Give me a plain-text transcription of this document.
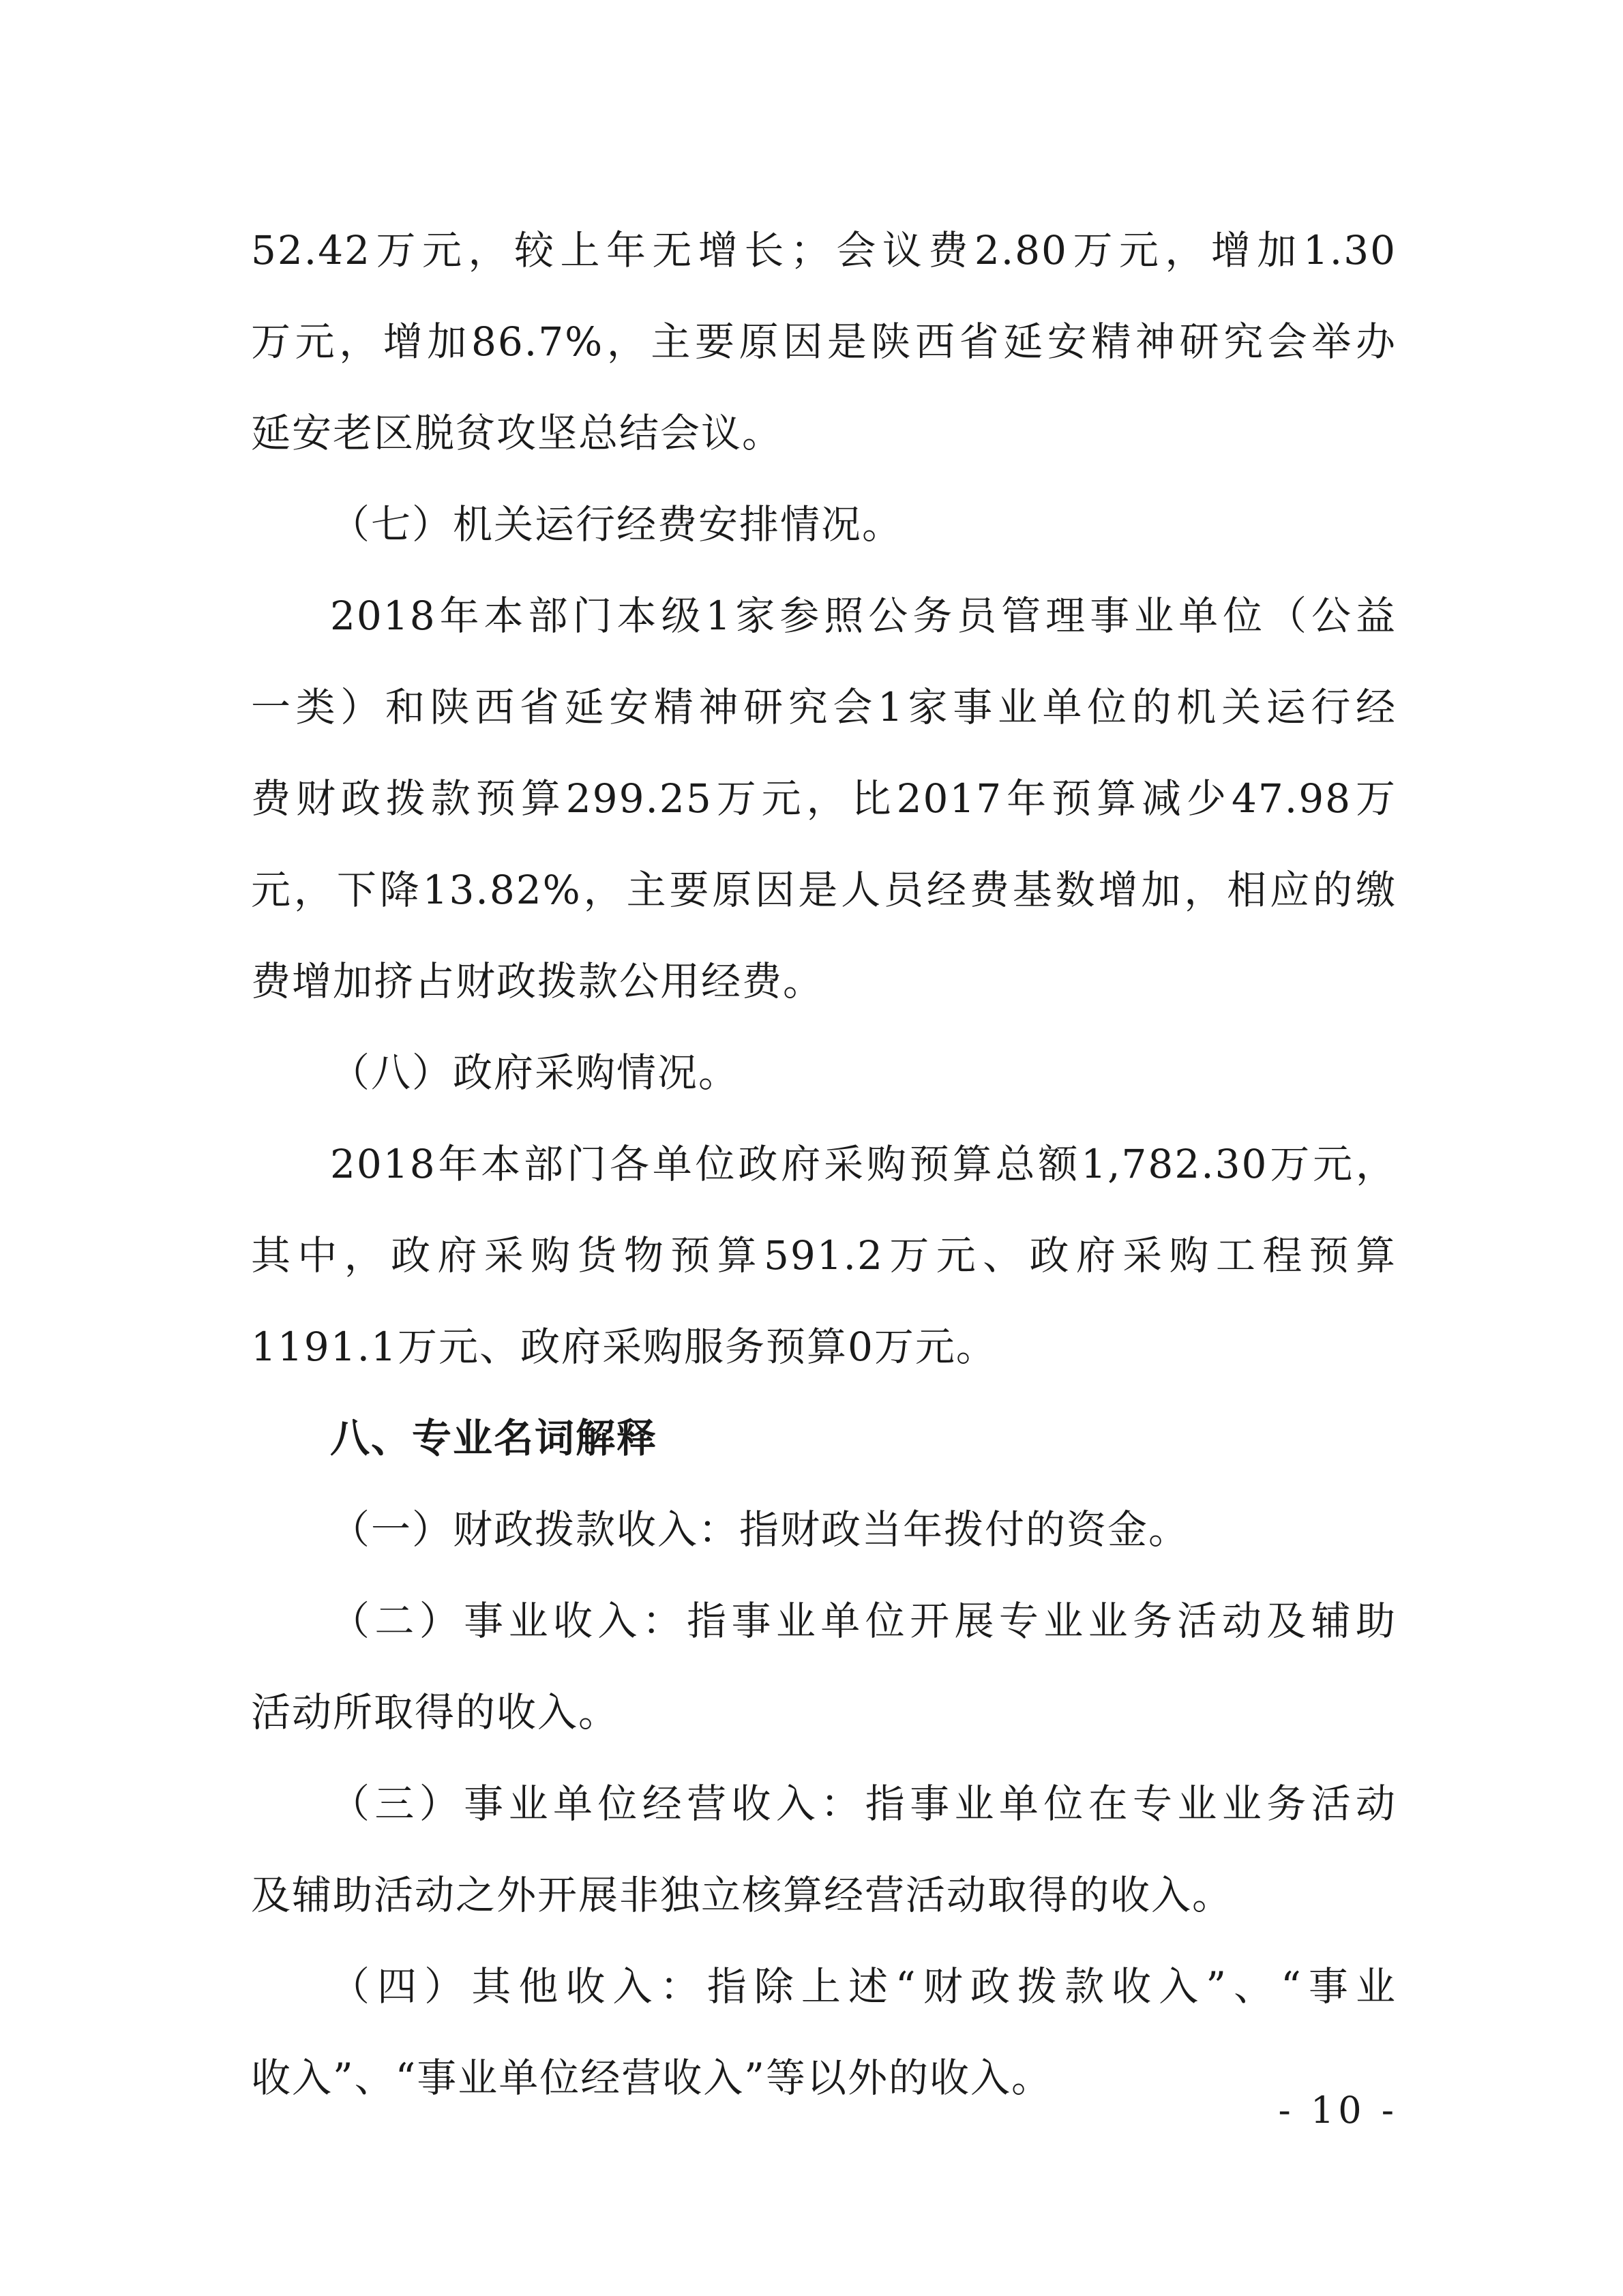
52.42万元，较上年无增长；会议费2.80万元，增加1.30
万元，增加86.7%，主要原因是陕西省延安精神研究会举办
延安老区脱贫攻坚总结会议。
（七）机关运行经费安排情况。
2018年本部门本级1家参照公务员管理事业单位（公益
一类）和陕西省延安精神研究会1家事业单位的机关运行经
费财政拨款预算299.25万元，比2017年预算减少47.98万
元，下降13.82%，主要原因是人员经费基数增加，相应的缴
费增加挤占财政拨款公用经费。
（八）政府采购情况。
2018年本部门各单位政府采购预算总额1,782.30万元，
其中，政府采购货物预算591.2万元、政府采购工程预算
1191.1万元、政府采购服务预算0万元。
八、专业名词解释
（一）财政拨款收入：指财政当年拨付的资金。
（二）事业收入：指事业单位开展专业业务活动及辅助
活动所取得的收入。
（三）事业单位经营收入：指事业单位在专业业务活动
及辅助活动之外开展非独立核算经营活动取得的收入。
（四）其他收入：指除上述“财政拨款收入”、“事业
收入”、“事业单位经营收入”等以外的收入。
- 10 -
